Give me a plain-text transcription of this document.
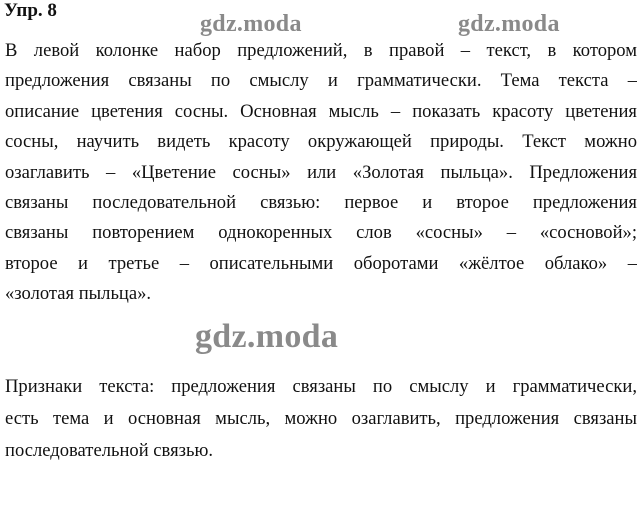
Упр. 8
gdz.moda	gdz.moda
В левой колонке набор предложений, в правой – текст, в котором
предложения связаны по смыслу и грамматически. Тема текста –
описание цветения сосны. Основная мысль – показать красоту цветения
сосны, научить видеть красоту окружающей природы. Текст можно
озаглавить – «Цветение сосны» или «Золотая пыльца». Предложения
связаны последовательной связью: первое и второе предложения
связаны повторением однокоренных слов «сосны» – «сосновой»;
второе и третье – описательными оборотами «жёлтое облако» –
«золотая пыльца».
gdz.moda
Признаки текста: предложения связаны по смыслу и грамматически,
есть тема и основная мысль, можно озаглавить, предложения связаны
последовательной связью.
